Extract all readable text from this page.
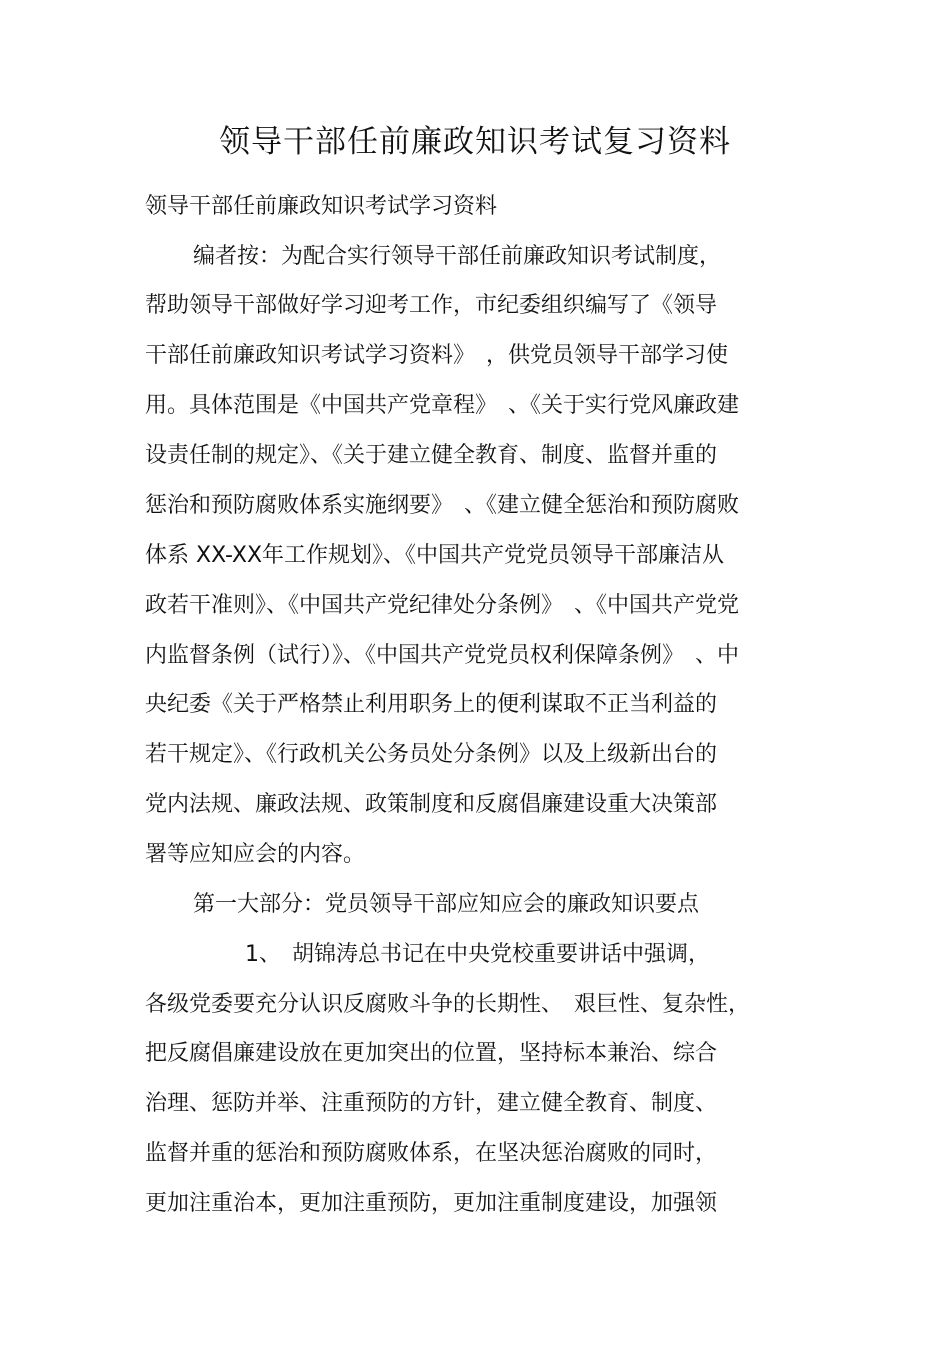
领导干部任前廉政知识考试复习资料
领导干部任前廉政知识考试学习资料
编者按：为配合实行领导干部任前廉政知识考试制度，
帮助领导干部做好学习迎考工作，市纪委组织编写了《领导
干部任前廉政知识考试学习资料》　，供党员领导干部学习使
用。具体范围是《中国共产党章程》　、《关于实行党风廉政建
设责任制的规定》、《关于建立健全教育、制度、监督并重的
惩治和预防腐败体系实施纲要》　、《建立健全惩治和预防腐败
体系 XX-XX年工作规划》、《中国共产党党员领导干部廉洁从
政若干准则》、《中国共产党纪律处分条例》　、《中国共产党党
内监督条例（试行）》、《中国共产党党员权利保障条例》　、中
央纪委《关于严格禁止利用职务上的便利谋取不正当利益的
若干规定》、《行政机关公务员处分条例》以及上级新出台的
党内法规、廉政法规、政策制度和反腐倡廉建设重大决策部
署等应知应会的内容。
第一大部分：党员领导干部应知应会的廉政知识要点
1、　胡锦涛总书记在中央党校重要讲话中强调，
各级党委要充分认识反腐败斗争的长期性、　艰巨性、复杂性，
把反腐倡廉建设放在更加突出的位置，坚持标本兼治、综合
治理、惩防并举、注重预防的方针，建立健全教育、制度、
监督并重的惩治和预防腐败体系，在坚决惩治腐败的同时，
更加注重治本，更加注重预防，更加注重制度建设，加强领
